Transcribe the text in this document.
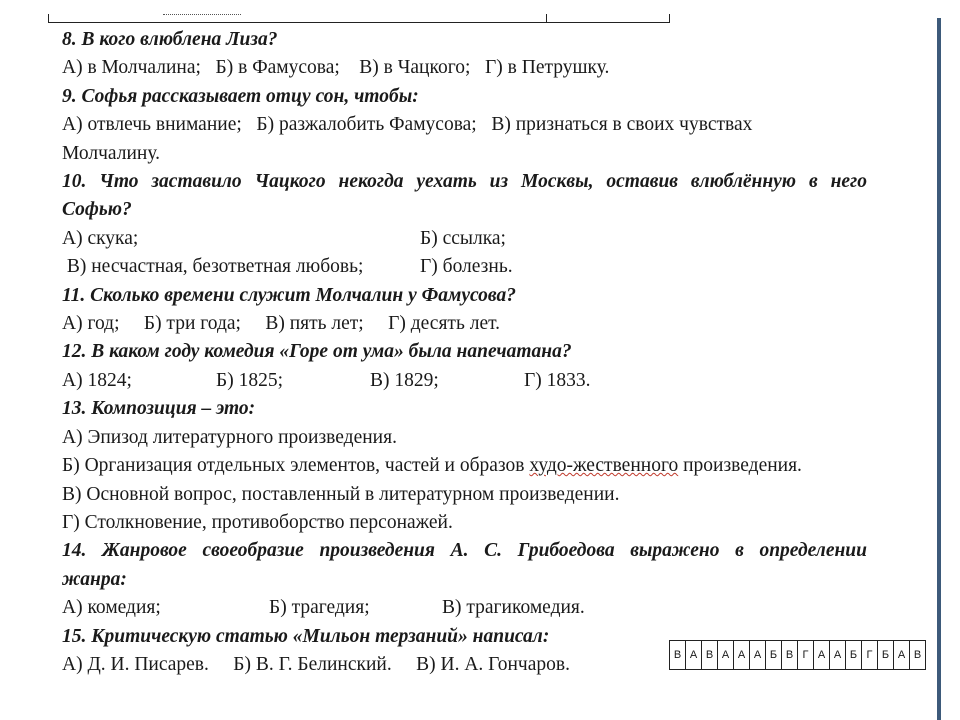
8. В кого влюблена Лиза?
А) в Молчалина;   Б) в Фамусова;    В) в Чацкого;   Г) в Петрушку.
9. Софья рассказывает отцу сон, чтобы:
А) отвлечь внимание;   Б) разжалобить Фамусова;   В) признаться в своих чувствах
Молчалину.
10. Что заставило Чацкого некогда уехать из Москвы, оставив влюблённую в него
Софью?
А) скука;	Б) ссылка;
В) несчастная, безответная любовь;	Г) болезнь.
11. Сколько времени служит Молчалин у Фамусова?
А) год;     Б) три года;     В) пять лет;     Г) десять лет.
12. В каком году комедия «Горе от ума» была напечатана?
А) 1824;	Б) 1825;	В) 1829;	Г) 1833.
13. Композиция – это:
А) Эпизод литературного произведения.
Б) Организация отдельных элементов, частей и образов худо-жественного произведения.
В) Основной вопрос, поставленный в литературном произведении.
Г) Столкновение, противоборство персонажей.
14. Жанровое своеобразие произведения А. С. Грибоедова выражено в определении
жанра:
А) комедия;	Б) трагедия;	В) трагикомедия.
15. Критическую статью «Мильон терзаний» написал:
А) Д. И. Писарев.     Б) В. Г. Белинский.     В) И. А. Гончаров.	В А В А А А Б В Г А А Б Г Б А В
